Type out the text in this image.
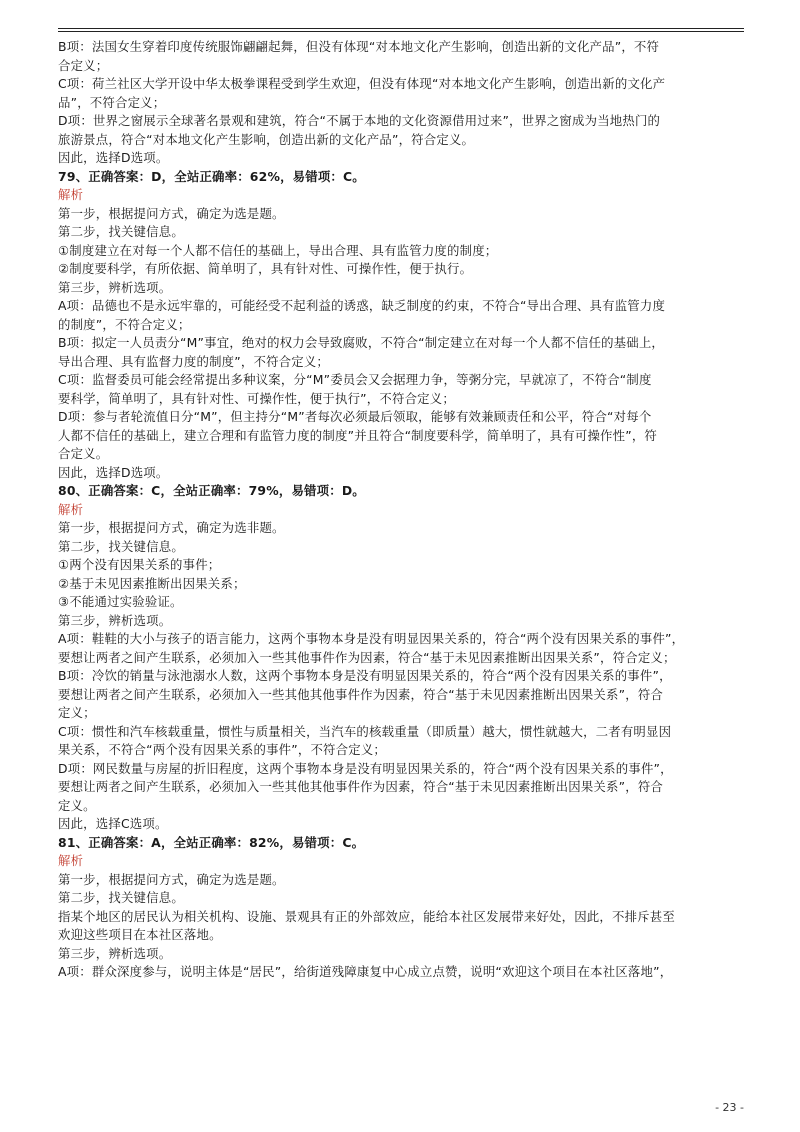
B项：法国女生穿着印度传统服饰翩翩起舞，但没有体现“对本地文化产生影响，创造出新的文化产品”，不符
合定义；
C项：荷兰社区大学开设中华太极拳课程受到学生欢迎，但没有体现“对本地文化产生影响，创造出新的文化产
品”，不符合定义；
D项：世界之窗展示全球著名景观和建筑，符合“不属于本地的文化资源借用过来”，世界之窗成为当地热门的
旅游景点，符合“对本地文化产生影响，创造出新的文化产品”，符合定义。
因此，选择D选项。
79、正确答案：D，全站正确率：62%，易错项：C。
解析
第一步，根据提问方式，确定为选是题。
第二步，找关键信息。
①制度建立在对每一个人都不信任的基础上，导出合理、具有监管力度的制度；
②制度要科学，有所依据、简单明了，具有针对性、可操作性，便于执行。
第三步，辨析选项。
A项：品德也不是永远牢靠的，可能经受不起利益的诱惑，缺乏制度的约束，不符合“导出合理、具有监管力度
的制度”，不符合定义；
B项：拟定一人员责分“M”事宜，绝对的权力会导致腐败，不符合“制定建立在对每一个人都不信任的基础上，
导出合理、具有监督力度的制度”，不符合定义；
C项：监督委员可能会经常提出多种议案，分“M”委员会又会据理力争，等粥分完，早就凉了，不符合“制度
要科学，简单明了，具有针对性、可操作性，便于执行”，不符合定义；
D项：参与者轮流值日分“M”，但主持分“M”者每次必须最后领取，能够有效兼顾责任和公平，符合“对每个
人都不信任的基础上，建立合理和有监管力度的制度”并且符合“制度要科学，简单明了，具有可操作性”，符
合定义。
因此，选择D选项。
80、正确答案：C，全站正确率：79%，易错项：D。
解析
第一步，根据提问方式，确定为选非题。
第二步，找关键信息。
①两个没有因果关系的事件；
②基于未见因素推断出因果关系；
③不能通过实验验证。
第三步，辨析选项。
A项：鞋鞋的大小与孩子的语言能力，这两个事物本身是没有明显因果关系的，符合“两个没有因果关系的事件”，
要想让两者之间产生联系，必须加入一些其他事件作为因素，符合“基于未见因素推断出因果关系”，符合定义；
B项：冷饮的销量与泳池溺水人数，这两个事物本身是没有明显因果关系的，符合“两个没有因果关系的事件”，
要想让两者之间产生联系，必须加入一些其他其他事件作为因素，符合“基于未见因素推断出因果关系”，符合
定义；
C项：惯性和汽车核载重量，惯性与质量相关，当汽车的核载重量（即质量）越大，惯性就越大，二者有明显因
果关系，不符合“两个没有因果关系的事件”，不符合定义；
D项：网民数量与房屋的折旧程度，这两个事物本身是没有明显因果关系的，符合“两个没有因果关系的事件”，
要想让两者之间产生联系，必须加入一些其他其他事件作为因素，符合“基于未见因素推断出因果关系”，符合
定义。
因此，选择C选项。
81、正确答案：A，全站正确率：82%，易错项：C。
解析
第一步，根据提问方式，确定为选是题。
第二步，找关键信息。
指某个地区的居民认为相关机构、设施、景观具有正的外部效应，能给本社区发展带来好处，因此，不排斥甚至
欢迎这些项目在本社区落地。
第三步，辨析选项。
A项：群众深度参与，说明主体是“居民”，给街道残障康复中心成立点赞，说明“欢迎这个项目在本社区落地”，
- 23 -
